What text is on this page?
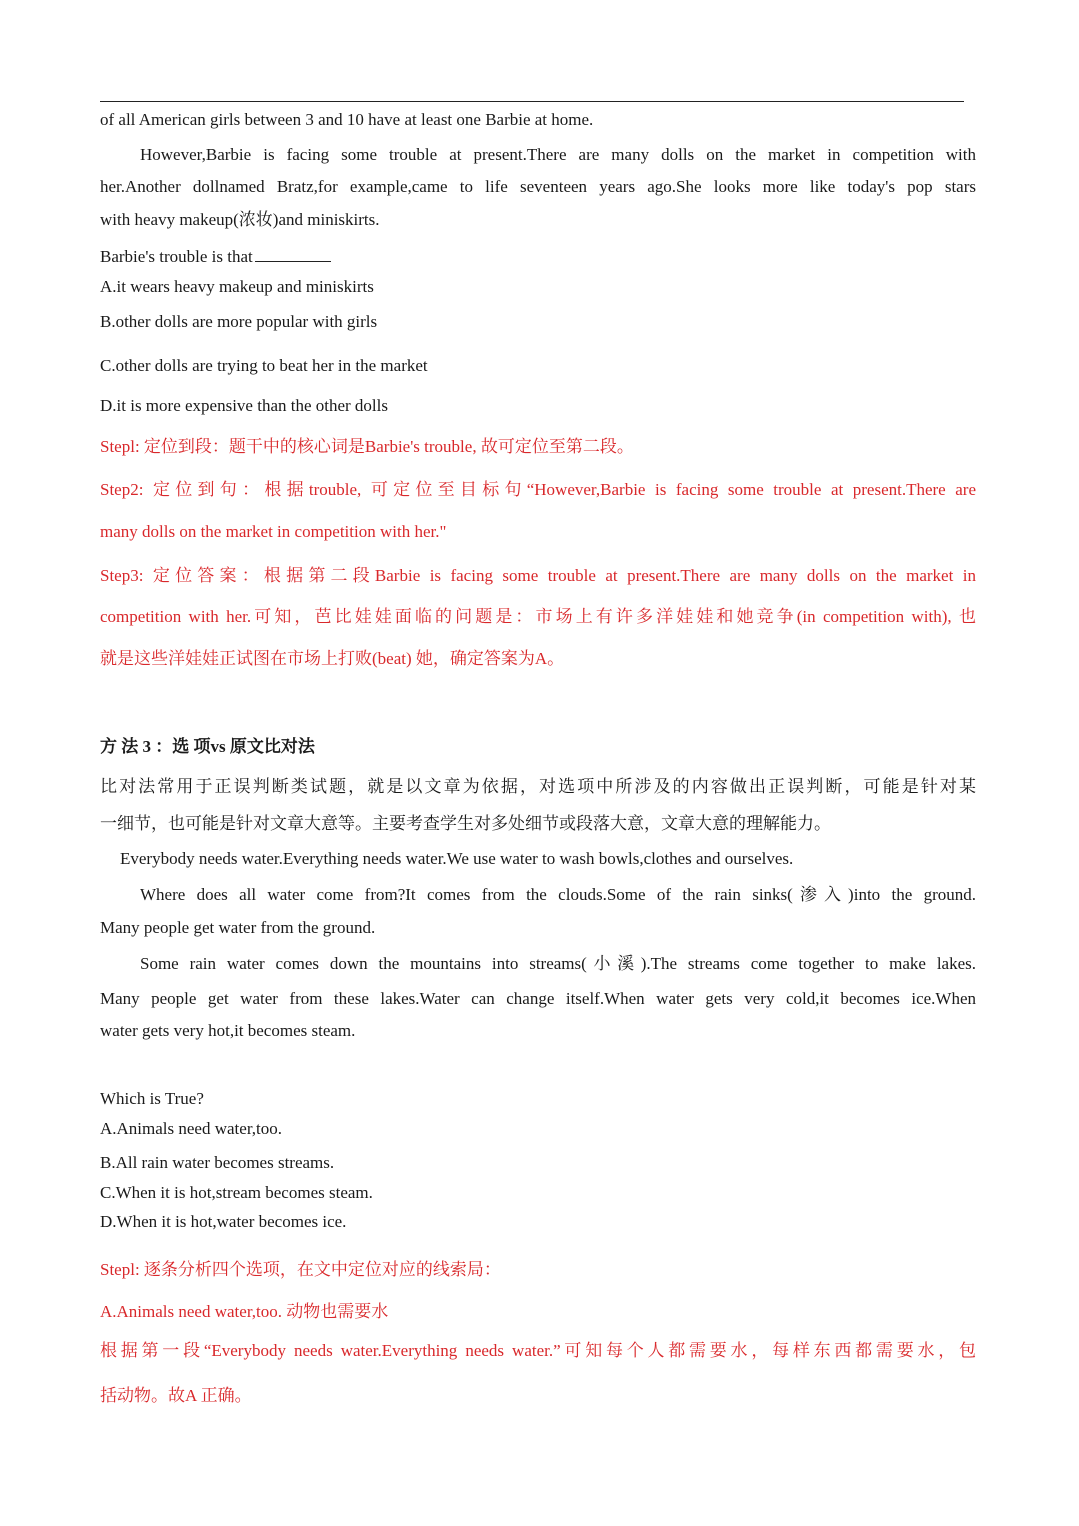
of all American girls between 3 and 10 have at least one Barbie at home.
However,Barbie is facing some trouble at present.There are many dolls on the market in competition with
her.Another dollnamed Bratz,for example,came to life seventeen years ago.She looks more like today's pop stars
with heavy makeup(浓妆)and miniskirts.
Barbie's trouble is that
A.it wears heavy makeup and miniskirts
B.other dolls are more popular with girls
C.other dolls are trying to beat her in the market
D.it is more expensive than the other dolls
Stepl: 定位到段：题干中的核心词是Barbie's trouble, 故可定位至第二段。
Step2: 定位到句：根据trouble, 可定位至目标句“However,Barbie is facing some trouble at present.There are
many dolls on the market in competition with her."
Step3: 定位答案：根据第二段Barbie is facing some trouble at present.There are many dolls on the market in
competition with her.可知，芭比娃娃面临的问题是：市场上有许多洋娃娃和她竞争(in competition with), 也
就是这些洋娃娃正试图在市场上打败(beat) 她，确定答案为A。
方 法 3 ：选 项vs 原文比对法
比对法常用于正误判断类试题，就是以文章为依据，对选项中所涉及的内容做出正误判断，可能是针对某
一细节，也可能是针对文章大意等。主要考查学生对多处细节或段落大意，文章大意的理解能力。
Everybody needs water.Everything needs water.We use water to wash bowls,clothes and ourselves.
Where does all water come from?It comes from the clouds.Some of the rain sinks(渗入)into the ground.
Many people get water from the ground.
Some rain water comes down the mountains into streams(小溪).The streams come together to make lakes.
Many people get water from these lakes.Water can change itself.When water gets very cold,it becomes ice.When
water gets very hot,it becomes steam.
Which is True?
A.Animals need water,too.
B.All rain water becomes streams.
C.When it is hot,stream becomes steam.
D.When it is hot,water becomes ice.
Stepl: 逐条分析四个选项，在文中定位对应的线索局：
A.Animals need water,too. 动物也需要水
根据第一段“Everybody needs water.Everything needs water.”可知每个人都需要水，每样东西都需要水，包
括动物。故A 正确。
